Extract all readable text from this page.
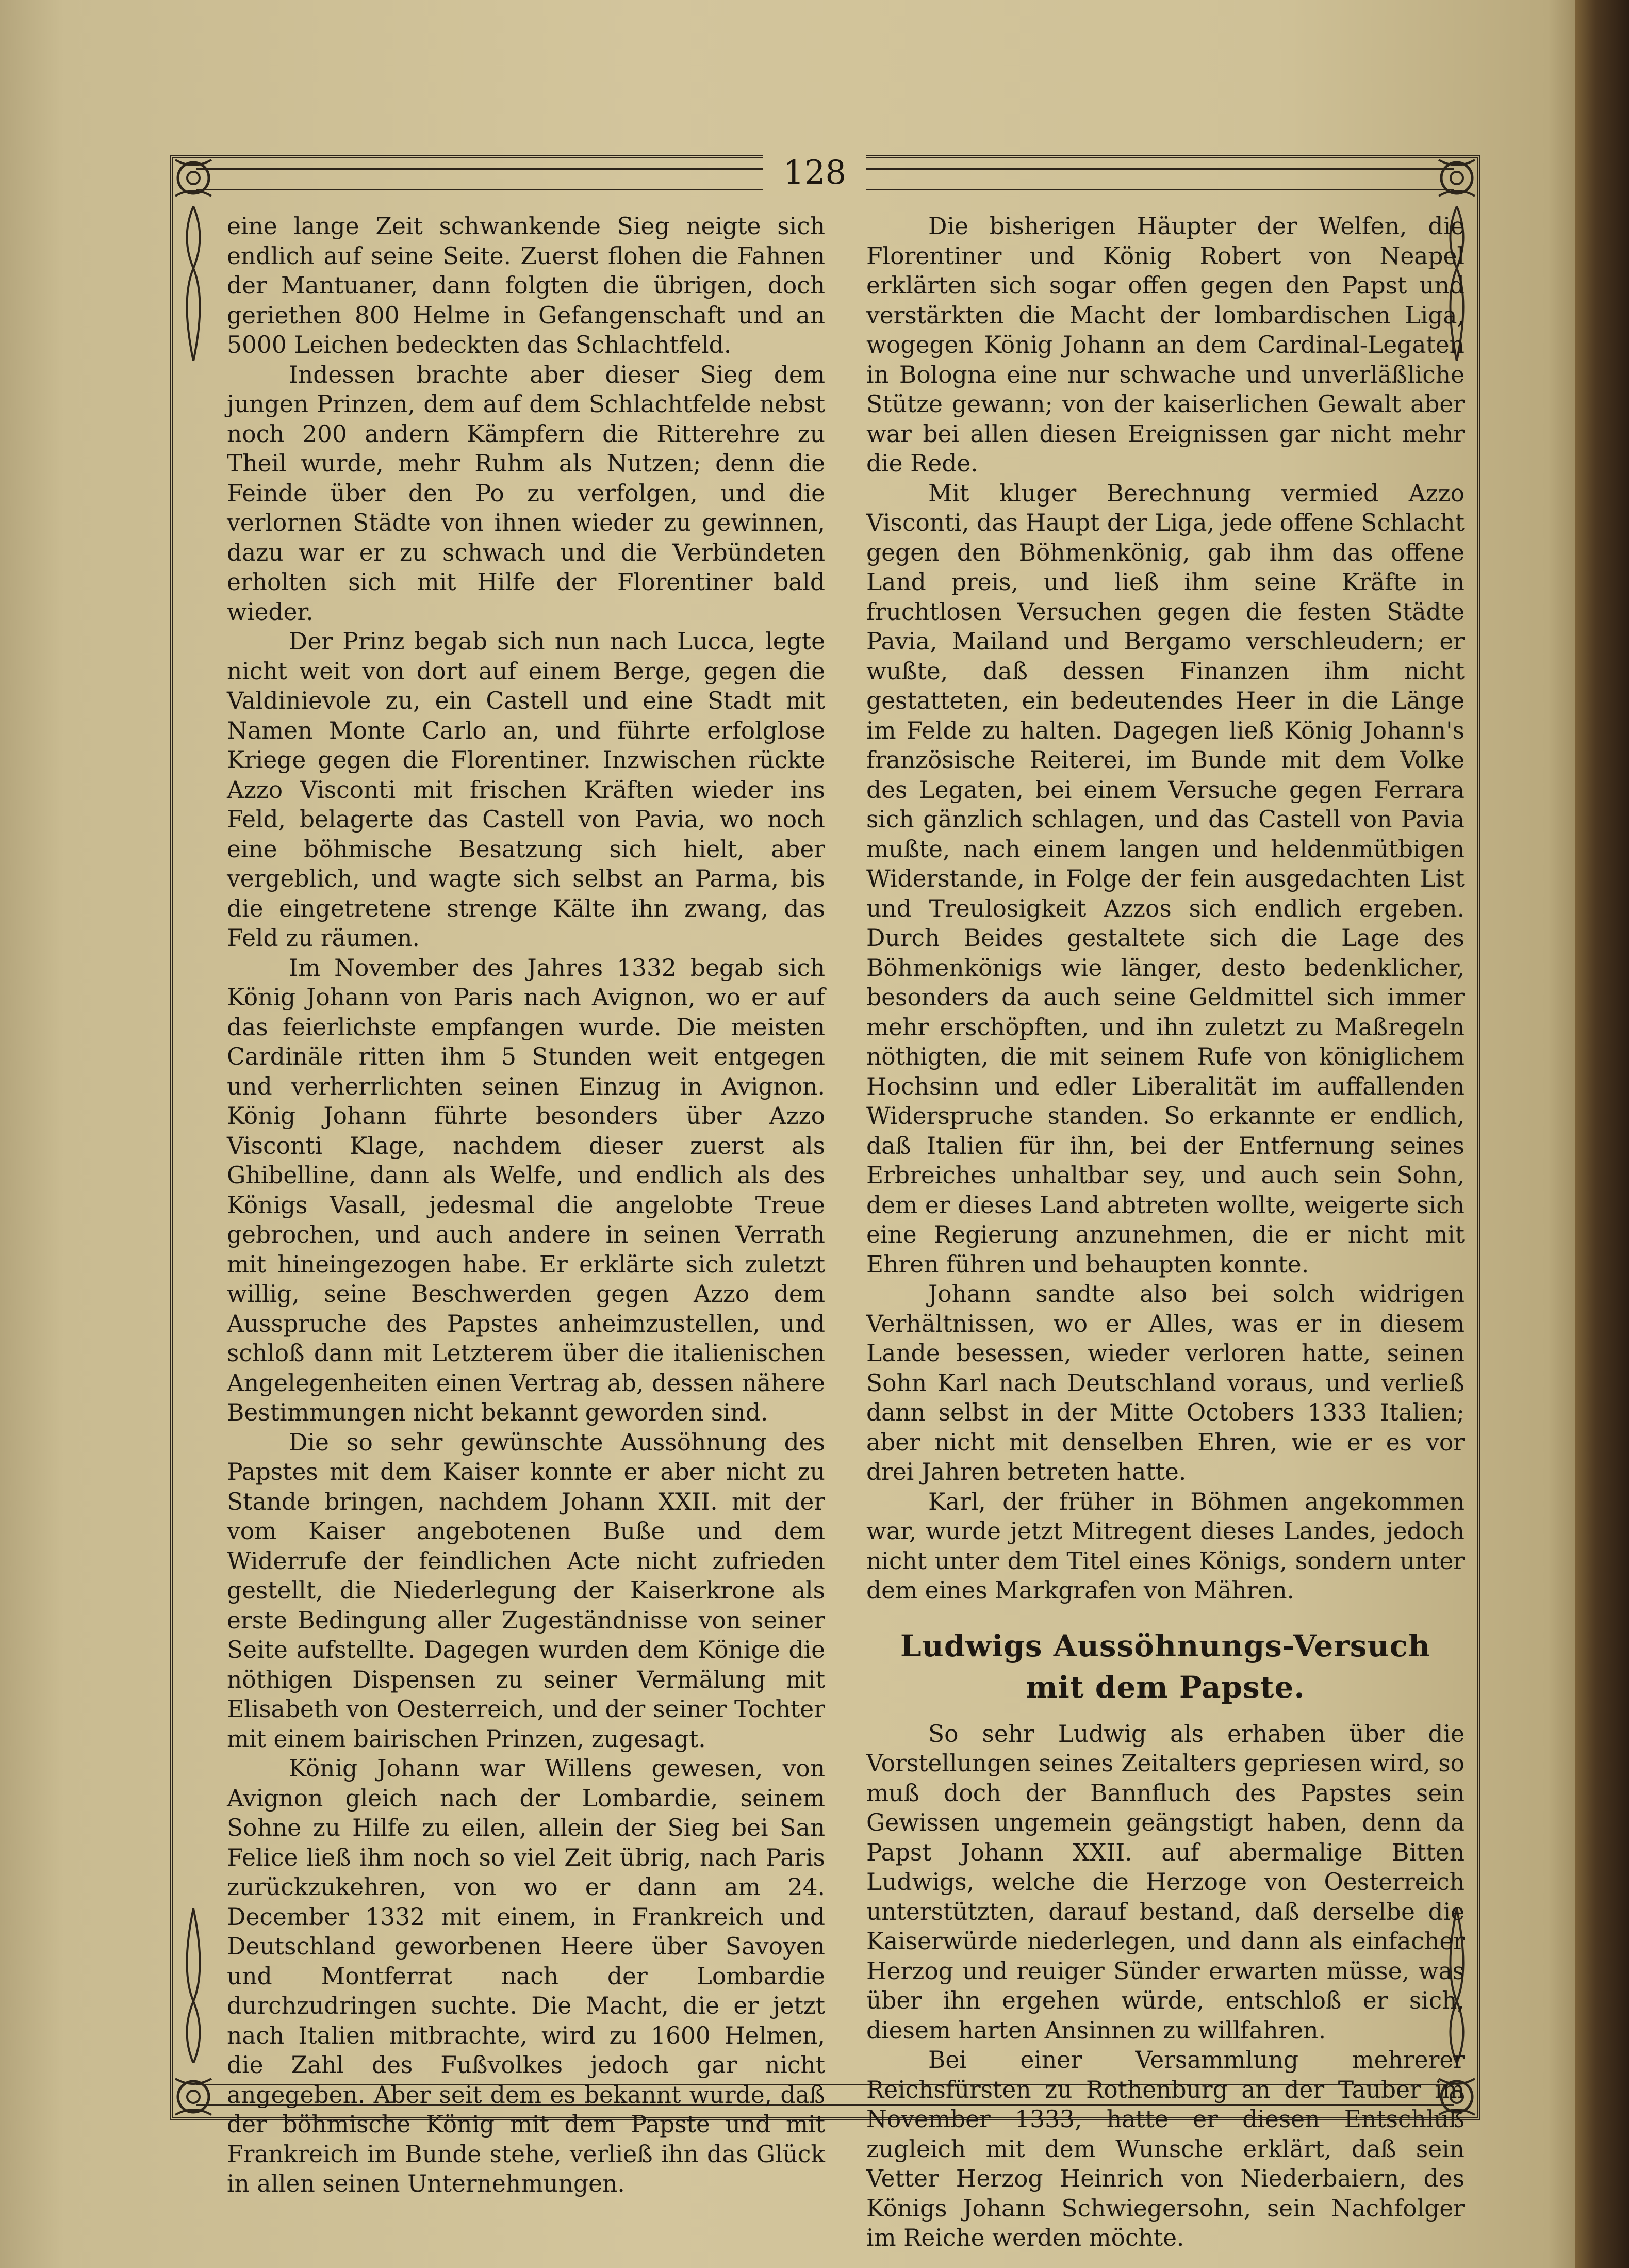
128

eine lange Zeit schwankende Sieg neigte sich endlich auf seine Seite. Zuerst flohen die Fahnen der Mantuaner, dann folgten die übrigen, doch geriethen 800 Helme in Gefangenschaft und an 5000 Leichen bedeckten das Schlachtfeld.

Indessen brachte aber dieser Sieg dem jungen Prinzen, dem auf dem Schlachtfelde nebst noch 200 andern Kämpfern die Ritterehre zu Theil wurde, mehr Ruhm als Nutzen; denn die Feinde über den Po zu verfolgen, und die verlornen Städte von ihnen wieder zu gewinnen, dazu war er zu schwach und die Verbündeten erholten sich mit Hilfe der Florentiner bald wieder.

Der Prinz begab sich nun nach Lucca, legte nicht weit von dort auf einem Berge, gegen die Valdinievole zu, ein Castell und eine Stadt mit Namen Monte Carlo an, und führte erfolglose Kriege gegen die Florentiner. Inzwischen rückte Azzo Visconti mit frischen Kräften wieder ins Feld, belagerte das Castell von Pavia, wo noch eine böhmische Besatzung sich hielt, aber vergeblich, und wagte sich selbst an Parma, bis die eingetretene strenge Kälte ihn zwang, das Feld zu räumen.

Im November des Jahres 1332 begab sich König Johann von Paris nach Avignon, wo er auf das feierlichste empfangen wurde. Die meisten Cardinäle ritten ihm 5 Stunden weit entgegen und verherrlichten seinen Einzug in Avignon. König Johann führte besonders über Azzo Visconti Klage, nachdem dieser zuerst als Ghibelline, dann als Welfe, und endlich als des Königs Vasall, jedesmal die angelobte Treue gebrochen, und auch andere in seinen Verrath mit hineingezogen habe. Er erklärte sich zuletzt willig, seine Beschwerden gegen Azzo dem Ausspruche des Papstes anheimzustellen, und schloß dann mit Letzterem über die italienischen Angelegenheiten einen Vertrag ab, dessen nähere Bestimmungen nicht bekannt geworden sind.

Die so sehr gewünschte Aussöhnung des Papstes mit dem Kaiser konnte er aber nicht zu Stande bringen, nachdem Johann XXII. mit der vom Kaiser angebotenen Buße und dem Widerrufe der feindlichen Acte nicht zufrieden gestellt, die Niederlegung der Kaiserkrone als erste Bedingung aller Zugeständnisse von seiner Seite aufstellte. Dagegen wurden dem Könige die nöthigen Dispensen zu seiner Vermälung mit Elisabeth von Oesterreich, und der seiner Tochter mit einem bairischen Prinzen, zugesagt.

König Johann war Willens gewesen, von Avignon gleich nach der Lombardie, seinem Sohne zu Hilfe zu eilen, allein der Sieg bei San Felice ließ ihm noch so viel Zeit übrig, nach Paris zurückzukehren, von wo er dann am 24. December 1332 mit einem, in Frankreich und Deutschland geworbenen Heere über Savoyen und Montferrat nach der Lombardie durchzudringen suchte. Die Macht, die er jetzt nach Italien mitbrachte, wird zu 1600 Helmen, die Zahl des Fußvolkes jedoch gar nicht angegeben. Aber seit dem es bekannt wurde, daß der böhmische König mit dem Papste und mit Frankreich im Bunde stehe, verließ ihn das Glück in allen seinen Unternehmungen.

Die bisherigen Häupter der Welfen, die Florentiner und König Robert von Neapel erklärten sich sogar offen gegen den Papst und verstärkten die Macht der lombardischen Liga, wogegen König Johann an dem Cardinal-Legaten in Bologna eine nur schwache und unverläßliche Stütze gewann; von der kaiserlichen Gewalt aber war bei allen diesen Ereignissen gar nicht mehr die Rede.

Mit kluger Berechnung vermied Azzo Visconti, das Haupt der Liga, jede offene Schlacht gegen den Böhmenkönig, gab ihm das offene Land preis, und ließ ihm seine Kräfte in fruchtlosen Versuchen gegen die festen Städte Pavia, Mailand und Bergamo verschleudern; er wußte, daß dessen Finanzen ihm nicht gestatteten, ein bedeutendes Heer in die Länge im Felde zu halten. Dagegen ließ König Johann's französische Reiterei, im Bunde mit dem Volke des Legaten, bei einem Versuche gegen Ferrara sich gänzlich schlagen, und das Castell von Pavia mußte, nach einem langen und heldenmütbigen Widerstande, in Folge der fein ausgedachten List und Treulosigkeit Azzos sich endlich ergeben. Durch Beides gestaltete sich die Lage des Böhmenkönigs wie länger, desto bedenklicher, besonders da auch seine Geldmittel sich immer mehr erschöpften, und ihn zuletzt zu Maßregeln nöthigten, die mit seinem Rufe von königlichem Hochsinn und edler Liberalität im auffallenden Widerspruche standen. So erkannte er endlich, daß Italien für ihn, bei der Entfernung seines Erbreiches unhaltbar sey, und auch sein Sohn, dem er dieses Land abtreten wollte, weigerte sich eine Regierung anzunehmen, die er nicht mit Ehren führen und behaupten konnte.

Johann sandte also bei solch widrigen Verhältnissen, wo er Alles, was er in diesem Lande besessen, wieder verloren hatte, seinen Sohn Karl nach Deutschland voraus, und verließ dann selbst in der Mitte Octobers 1333 Italien; aber nicht mit denselben Ehren, wie er es vor drei Jahren betreten hatte.

Karl, der früher in Böhmen angekommen war, wurde jetzt Mitregent dieses Landes, jedoch nicht unter dem Titel eines Königs, sondern unter dem eines Markgrafen von Mähren.

Ludwigs Aussöhnungs-Versuch mit dem Papste.

So sehr Ludwig als erhaben über die Vorstellungen seines Zeitalters gepriesen wird, so muß doch der Bannfluch des Papstes sein Gewissen ungemein geängstigt haben, denn da Papst Johann XXII. auf abermalige Bitten Ludwigs, welche die Herzoge von Oesterreich unterstützten, darauf bestand, daß derselbe die Kaiserwürde niederlegen, und dann als einfacher Herzog und reuiger Sünder erwarten müsse, was über ihn ergehen würde, entschloß er sich, diesem harten Ansinnen zu willfahren.

Bei einer Versammlung mehrerer Reichsfürsten zu Rothenburg an der Tauber im November 1333, hatte er diesen Entschluß zugleich mit dem Wunsche erklärt, daß sein Vetter Herzog Heinrich von Niederbaiern, des Königs Johann Schwiegersohn, sein Nachfolger im Reiche werden möchte.
